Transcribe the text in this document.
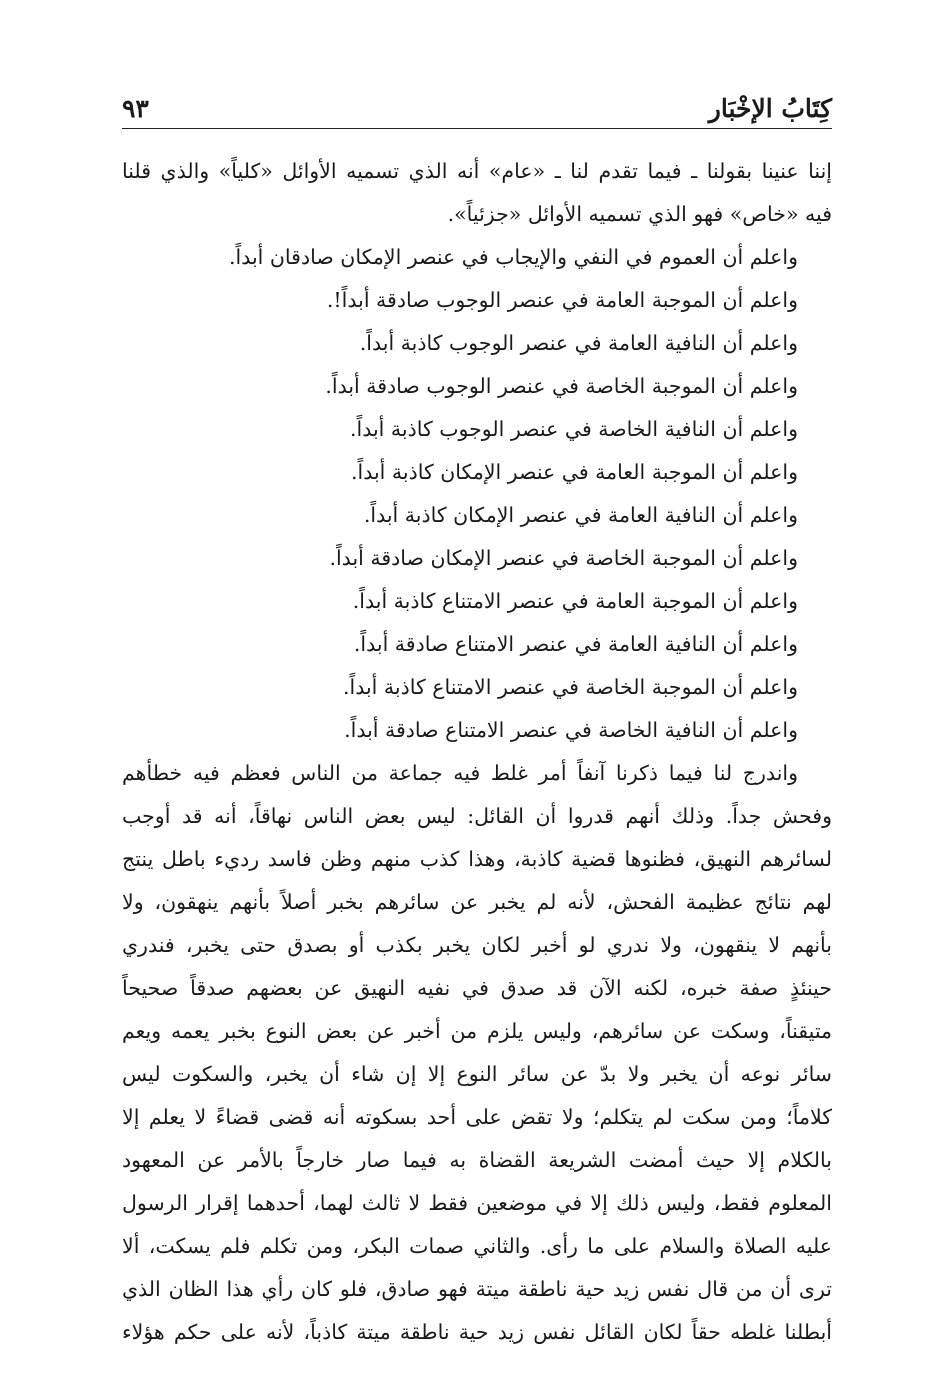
كِتَابُ الإخْبَار
٩٣
إننا عنينا بقولنا ـ فيما تقدم لنا ـ «عام» أنه الذي تسميه الأوائل «كلياً» والذي قلنا
فيه «خاص» فهو الذي تسميه الأوائل «جزئياً».
واعلم أن العموم في النفي والإيجاب في عنصر الإمكان صادقان أبداً.
واعلم أن الموجبة العامة في عنصر الوجوب صادقة أبداً!.
واعلم أن النافية العامة في عنصر الوجوب كاذبة أبداً.
واعلم أن الموجبة الخاصة في عنصر الوجوب صادقة أبداً.
واعلم أن النافية الخاصة في عنصر الوجوب كاذبة أبداً.
واعلم أن الموجبة العامة في عنصر الإمكان كاذبة أبداً.
واعلم أن النافية العامة في عنصر الإمكان كاذبة أبداً.
واعلم أن الموجبة الخاصة في عنصر الإمكان صادقة أبداً.
واعلم أن الموجبة العامة في عنصر الامتناع كاذبة أبداً.
واعلم أن النافية العامة في عنصر الامتناع صادقة أبداً.
واعلم أن الموجبة الخاصة في عنصر الامتناع كاذبة أبداً.
واعلم أن النافية الخاصة في عنصر الامتناع صادقة أبداً.
واندرج لنا فيما ذكرنا آنفاً أمر غلط فيه جماعة من الناس فعظم فيه خطأهم
وفحش جداً. وذلك أنهم قدروا أن القائل: ليس بعض الناس نهاقاً، أنه قد أوجب
لسائرهم النهيق، فظنوها قضية كاذبة، وهذا كذب منهم وظن فاسد رديء باطل ينتج
لهم نتائج عظيمة الفحش، لأنه لم يخبر عن سائرهم بخبر أصلاً بأنهم ينهقون، ولا
بأنهم لا ينقهون، ولا ندري لو أخبر لكان يخبر بكذب أو بصدق حتى يخبر، فندري
حينئذٍ صفة خبره، لكنه الآن قد صدق في نفيه النهيق عن بعضهم صدقاً صحيحاً
متيقناً، وسكت عن سائرهم، وليس يلزم من أخبر عن بعض النوع بخبر يعمه ويعم
سائر نوعه أن يخبر ولا بدّ عن سائر النوع إلا إن شاء أن يخبر، والسكوت ليس
كلاماً؛ ومن سكت لم يتكلم؛ ولا تقض على أحد بسكوته أنه قضى قضاءً لا يعلم إلا
بالكلام إلا حيث أمضت الشريعة القضاة به فيما صار خارجاً بالأمر عن المعهود
المعلوم فقط، وليس ذلك إلا في موضعين فقط لا ثالث لهما، أحدهما إقرار الرسول
عليه الصلاة والسلام على ما رأى. والثاني صمات البكر، ومن تكلم فلم يسكت، ألا
ترى أن من قال نفس زيد حية ناطقة ميتة فهو صادق، فلو كان رأي هذا الظان الذي
أبطلنا غلطه حقاً لكان القائل نفس زيد حية ناطقة ميتة كاذباً، لأنه على حكم هؤلاء
